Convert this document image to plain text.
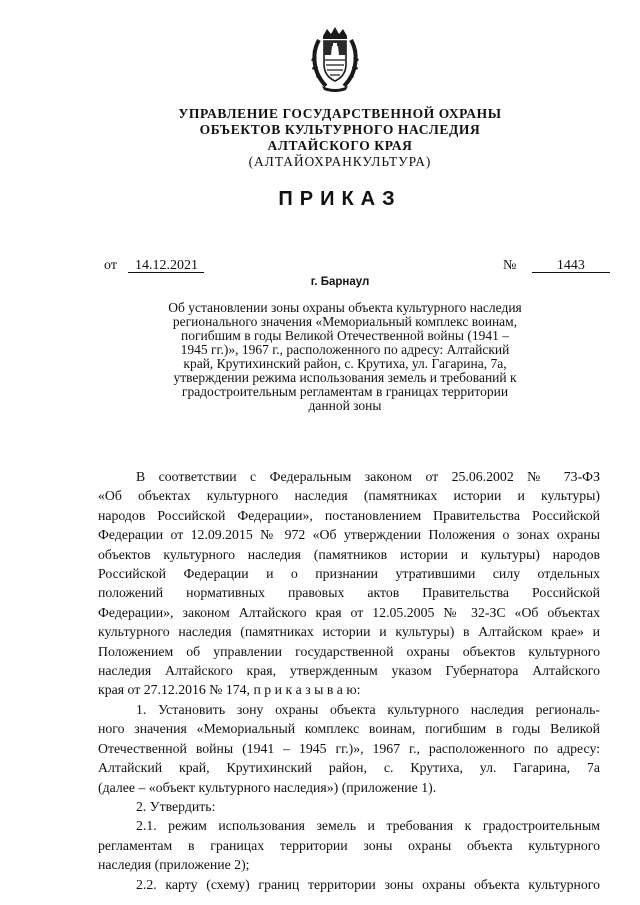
УПРАВЛЕНИЕ ГОСУДАРСТВЕННОЙ ОХРАНЫ
ОБЪЕКТОВ КУЛЬТУРНОГО НАСЛЕДИЯ
АЛТАЙСКОГО КРАЯ
(АЛТАЙОХРАНКУЛЬТУРА)
ПРИКАЗ
от 14.12.2021	№	1443
г. Барнаул
Об установлении зоны охраны объекта культурного наследия
регионального значения «Мемориальный комплекс воинам,
погибшим в годы Великой Отечественной войны (1941 –
1945 гг.)», 1967 г., расположенного по адресу: Алтайский
край, Крутихинский район, с. Крутиха, ул. Гагарина, 7а,
утверждении режима использования земель и требований к
градостроительным регламентам в границах территории
данной зоны
В соответствии с Федеральным законом от 25.06.2002 № 73-ФЗ
«Об объектах культурного наследия (памятниках истории и культуры)
народов Российской Федерации», постановлением Правительства Российской
Федерации от 12.09.2015 № 972 «Об утверждении Положения о зонах охраны
объектов культурного наследия (памятников истории и культуры) народов
Российской Федерации и о признании утратившими силу отдельных
положений нормативных правовых актов Правительства Российской
Федерации», законом Алтайского края от 12.05.2005 № 32-ЗС «Об объектах
культурного наследия (памятниках истории и культуры) в Алтайском крае» и
Положением об управлении государственной охраны объектов культурного
наследия Алтайского края, утвержденным указом Губернатора Алтайского
края от 27.12.2016 № 174, п р и к а з ы в а ю:
1. Установить зону охраны объекта культурного наследия региональ-
ного значения «Мемориальный комплекс воинам, погибшим в годы Великой
Отечественной войны (1941 – 1945 гг.)», 1967 г., расположенного по адресу:
Алтайский край, Крутихинский район, с. Крутиха, ул. Гагарина, 7а
(далее – «объект культурного наследия») (приложение 1).
2. Утвердить:
2.1. режим использования земель и требования к градостроительным
регламентам в границах территории зоны охраны объекта культурного
наследия (приложение 2);
2.2. карту (схему) границ территории зоны охраны объекта культурного
